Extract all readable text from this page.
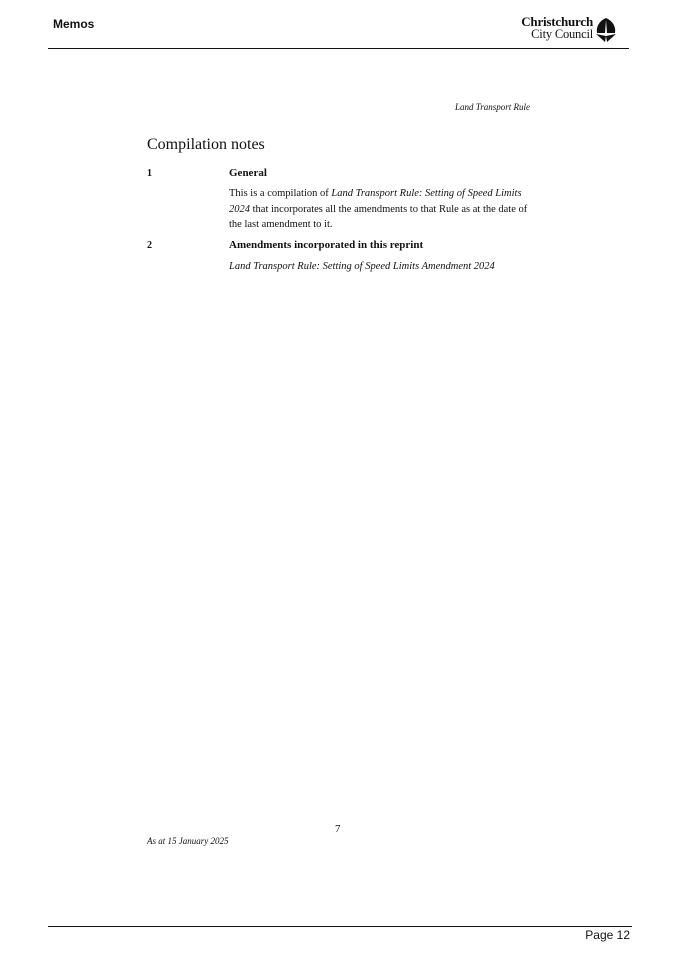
Memos	Christchurch
City Council
Land Transport Rule
Compilation notes
1	General
This is a compilation of Land Transport Rule: Setting of Speed Limits 2024 that incorporates all the amendments to that Rule as at the date of the last amendment to it.
2	Amendments incorporated in this reprint
Land Transport Rule: Setting of Speed Limits Amendment 2024
7
As at 15 January 2025
Page 12
